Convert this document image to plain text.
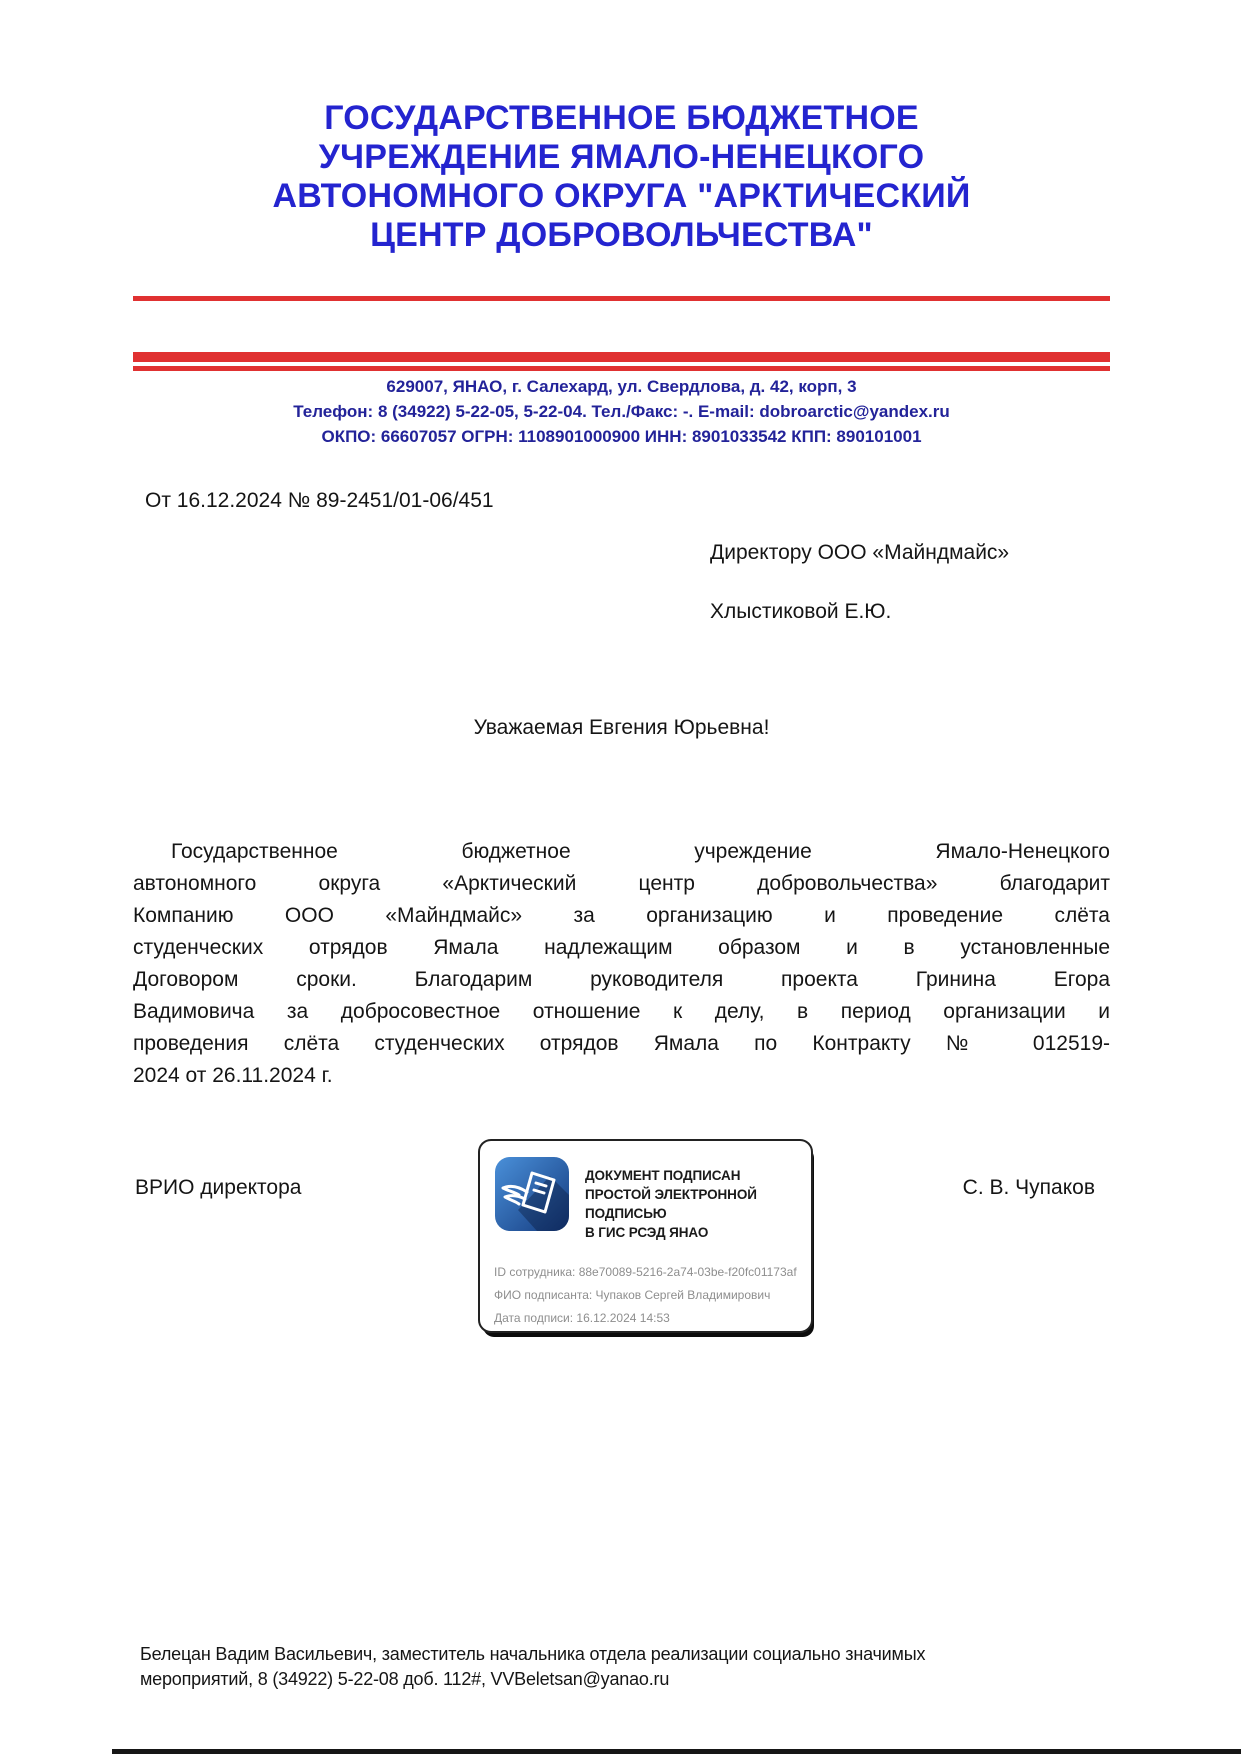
ГОСУДАРСТВЕННОЕ БЮДЖЕТНОЕ
УЧРЕЖДЕНИЕ ЯМАЛО-НЕНЕЦКОГО
АВТОНОМНОГО ОКРУГА "АРКТИЧЕСКИЙ
ЦЕНТР ДОБРОВОЛЬЧЕСТВА"
629007, ЯНАО, г. Салехард, ул. Свердлова, д. 42, корп, 3
Телефон: 8 (34922) 5-22-05, 5-22-04. Тел./Факс: -. E-mail: dobroarctic@yandex.ru
ОКПО: 66607057 ОГРН: 1108901000900 ИНН: 8901033542 КПП: 890101001
От 16.12.2024 № 89-2451/01-06/451
Директору ООО «Майндмайс»
Хлыстиковой Е.Ю.
Уважаемая Евгения Юрьевна!
Государственное бюджетное учреждение Ямало-Ненецкого
автономного округа «Арктический центр добровольчества» благодарит
Компанию ООО «Майндмайс» за организацию и проведение слёта
студенческих отрядов Ямала надлежащим образом и в установленные
Договором сроки. Благодарим руководителя проекта Гринина Егора
Вадимовича за добросовестное отношение к делу, в период организации и
проведения слёта студенческих отрядов Ямала по Контракту № 012519-
2024 от 26.11.2024 г.
ВРИО директора	С. В. Чупаков
ДОКУМЕНТ ПОДПИСАН
ПРОСТОЙ ЭЛЕКТРОННОЙ ПОДПИСЬЮ
В ГИС РСЭД ЯНАО
ID сотрудника: 88e70089-5216-2a74-03be-f20fc01173af
ФИО подписанта: Чупаков Сергей Владимирович
Дата подписи: 16.12.2024 14:53
Белецан Вадим Васильевич, заместитель начальника отдела реализации социально значимых
мероприятий, 8 (34922) 5-22-08 доб. 112#, VVBeletsan@yanao.ru
